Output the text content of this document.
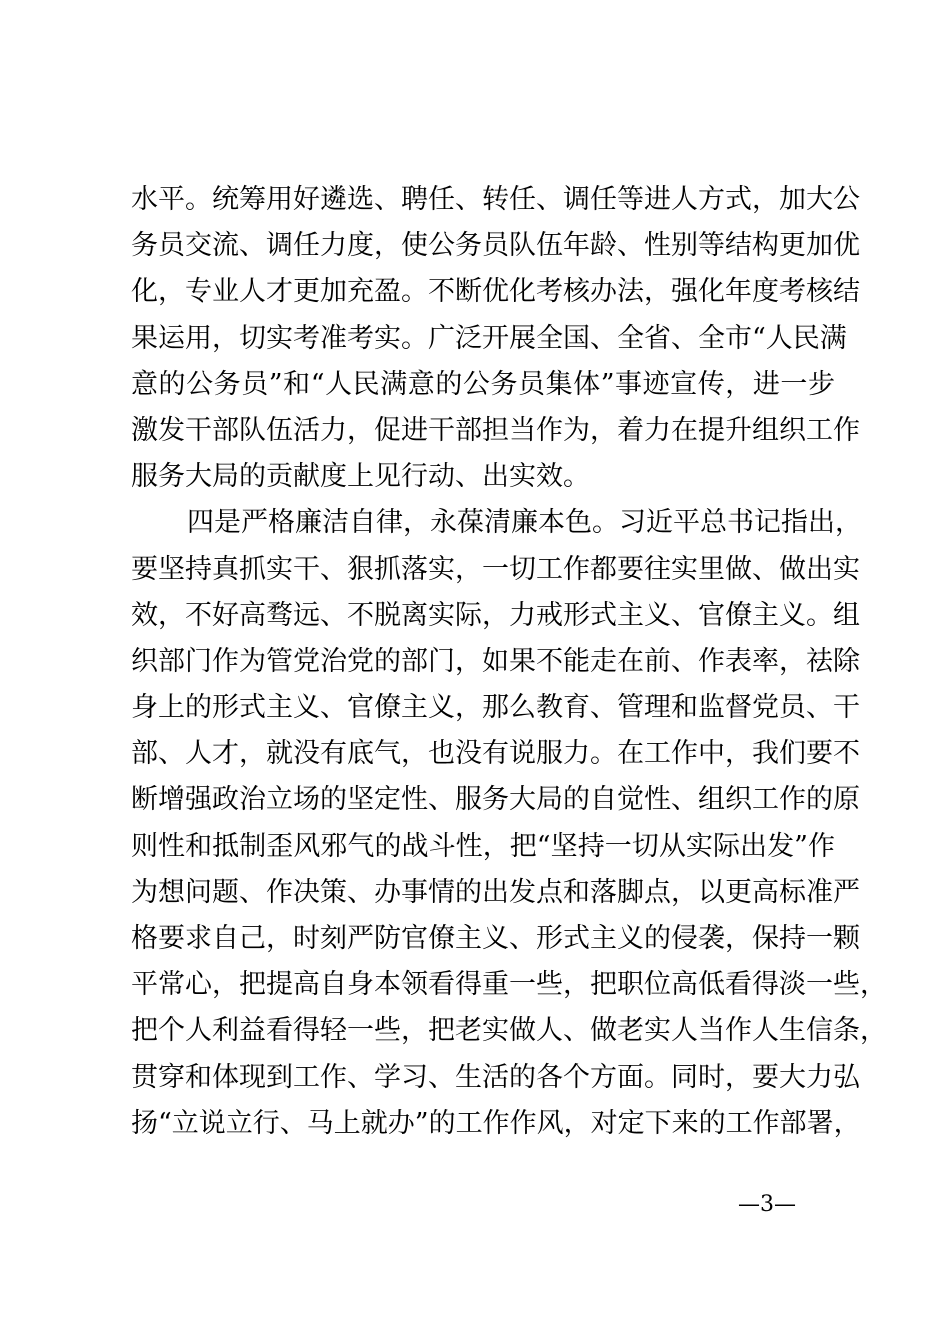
水平。统筹用好遴选、聘任、转任、调任等进人方式，加大公
务员交流、调任力度，使公务员队伍年龄、性别等结构更加优
化，专业人才更加充盈。不断优化考核办法，强化年度考核结
果运用，切实考准考实。广泛开展全国、全省、全市“人民满
意的公务员”和“人民满意的公务员集体”事迹宣传，进一步
激发干部队伍活力，促进干部担当作为，着力在提升组织工作
服务大局的贡献度上见行动、出实效。
四是严格廉洁自律，永葆清廉本色。习近平总书记指出，
要坚持真抓实干、狠抓落实，一切工作都要往实里做、做出实
效，不好高骛远、不脱离实际，力戒形式主义、官僚主义。组
织部门作为管党治党的部门，如果不能走在前、作表率，祛除
身上的形式主义、官僚主义，那么教育、管理和监督党员、干
部、人才，就没有底气，也没有说服力。在工作中，我们要不
断增强政治立场的坚定性、服务大局的自觉性、组织工作的原
则性和抵制歪风邪气的战斗性，把“坚持一切从实际出发”作
为想问题、作决策、办事情的出发点和落脚点，以更高标准严
格要求自己，时刻严防官僚主义、形式主义的侵袭，保持一颗
平常心，把提高自身本领看得重一些，把职位高低看得淡一些，
把个人利益看得轻一些，把老实做人、做老实人当作人生信条，
贯穿和体现到工作、学习、生活的各个方面。同时，要大力弘
扬“立说立行、马上就办”的工作作风，对定下来的工作部署，
—3—
